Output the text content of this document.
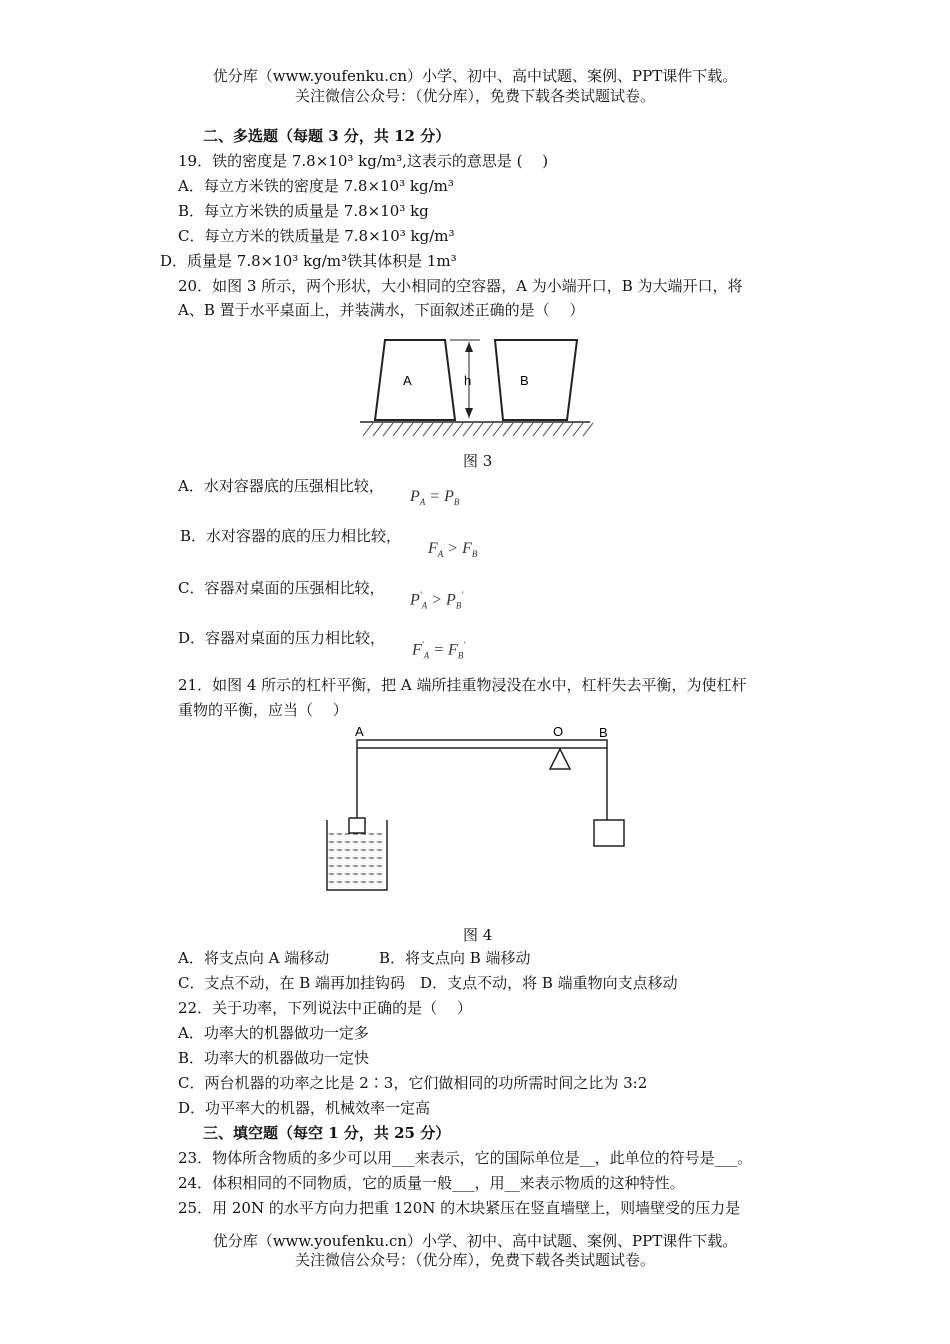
优分库（www.youfenku.cn）小学、初中、高中试题、案例、PPT课件下载。
关注微信公众号：（优分库），免费下载各类试题试卷。
二、多选题（每题 3 分，共 12 分）
19．铁的密度是 7.8×10³ kg/m³,这表示的意思是 (　 )
A．每立方米铁的密度是 7.8×10³ kg/m³
B．每立方米铁的质量是 7.8×10³ kg
C．每立方米的铁质量是 7.8×10³ kg/m³
D．质量是 7.8×10³ kg/m³铁其体积是 1m³
20．如图 3 所示，两个形状，大小相同的空容器，A 为小端开口，B 为大端开口，将
A、B 置于水平桌面上，并装满水，下面叙述正确的是（　 ）
A	h	B
图 3
A．水对容器底的压强相比较，
$P_A = P_B$
B．水对容器的底的压力相比较，
$F_A > F_B$
C．容器对桌面的压强相比较，
$P'_A > P_B'$
D．容器对桌面的压力相比较，
$F'_A = F_B'$
21．如图 4 所示的杠杆平衡，把 A 端所挂重物浸没在水中，杠杆失去平衡，为使杠杆
重物的平衡，应当（　 ）
A	O	B
图 4
A．将支点向 A 端移动　　　 B．将支点向 B 端移动
C．支点不动，在 B 端再加挂钩码　D．支点不动，将 B 端重物向支点移动
22．关于功率，下列说法中正确的是（　 ）
A．功率大的机器做功一定多
B．功率大的机器做功一定快
C．两台机器的功率之比是 2∶3，它们做相同的功所需时间之比为 3:2
D．功平率大的机器，机械效率一定高
三、填空题（每空 1 分，共 25 分）
23．物体所含物质的多少可以用___来表示，它的国际单位是__，此单位的符号是___。
24．体积相同的不同物质，它的质量一般___，用__来表示物质的这种特性。
25．用 20N 的水平方向力把重 120N 的木块紧压在竖直墙壁上，则墙壁受的压力是
优分库（www.youfenku.cn）小学、初中、高中试题、案例、PPT课件下载。
关注微信公众号：（优分库），免费下载各类试题试卷。
